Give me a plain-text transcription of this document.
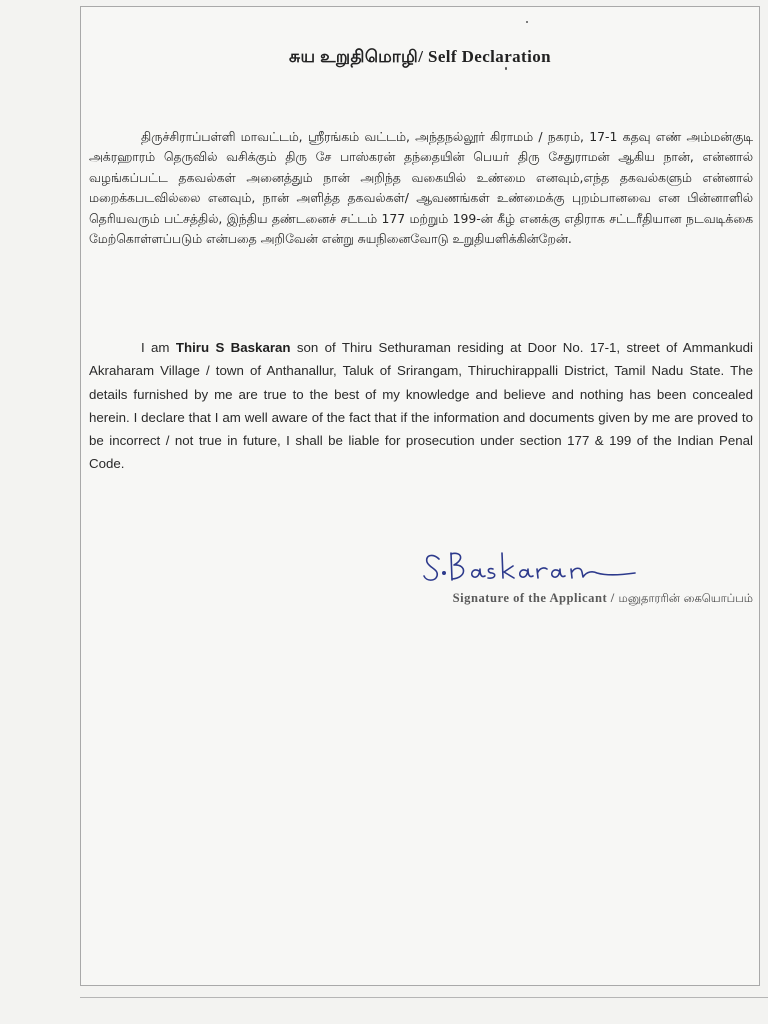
சுய உறுதிமொழி/ Self Declaration
திருச்சிராப்பள்ளி மாவட்டம், ஸ்ரீரங்கம் வட்டம், அந்தநல்லூர் கிராமம் / நகரம், 17-1 கதவு எண் அம்மன்குடி அக்ரஹாரம் தெருவில் வசிக்கும் திரு சே பாஸ்கரன் தந்தையின் பெயர் திரு சேதுராமன் ஆகிய நான், என்னால் வழங்கப்பட்ட தகவல்கள் அனைத்தும் நான் அறிந்த வகையில் உண்மை எனவும்,எந்த தகவல்களும் என்னால் மறைக்கபடவில்லை எனவும், நான் அளித்த தகவல்கள்/ ஆவணங்கள் உண்மைக்கு புறம்பானவை என பின்னாளில் தெரியவரும் பட்சத்தில், இந்திய தண்டனைச் சட்டம் 177 மற்றும் 199-ன் கீழ் எனக்கு எதிராக சட்டரீதியான நடவடிக்கை மேற்கொள்ளப்படும் என்பதை அறிவேன் என்று சுயநினைவோடு உறுதியளிக்கின்றேன்.
I am Thiru S Baskaran son of Thiru Sethuraman residing at Door No. 17-1, street of Ammankudi Akraharam Village / town of Anthanallur, Taluk of Srirangam, Thiruchirappalli District, Tamil Nadu State. The details furnished by me are true to the best of my knowledge and believe and nothing has been concealed herein. I declare that I am well aware of the fact that if the information and documents given by me are proved to be incorrect / not true in future, I shall be liable for prosecution under section 177 & 199 of the Indian Penal Code.
Signature of the Applicant / மனுதாரரின் கையொப்பம்
